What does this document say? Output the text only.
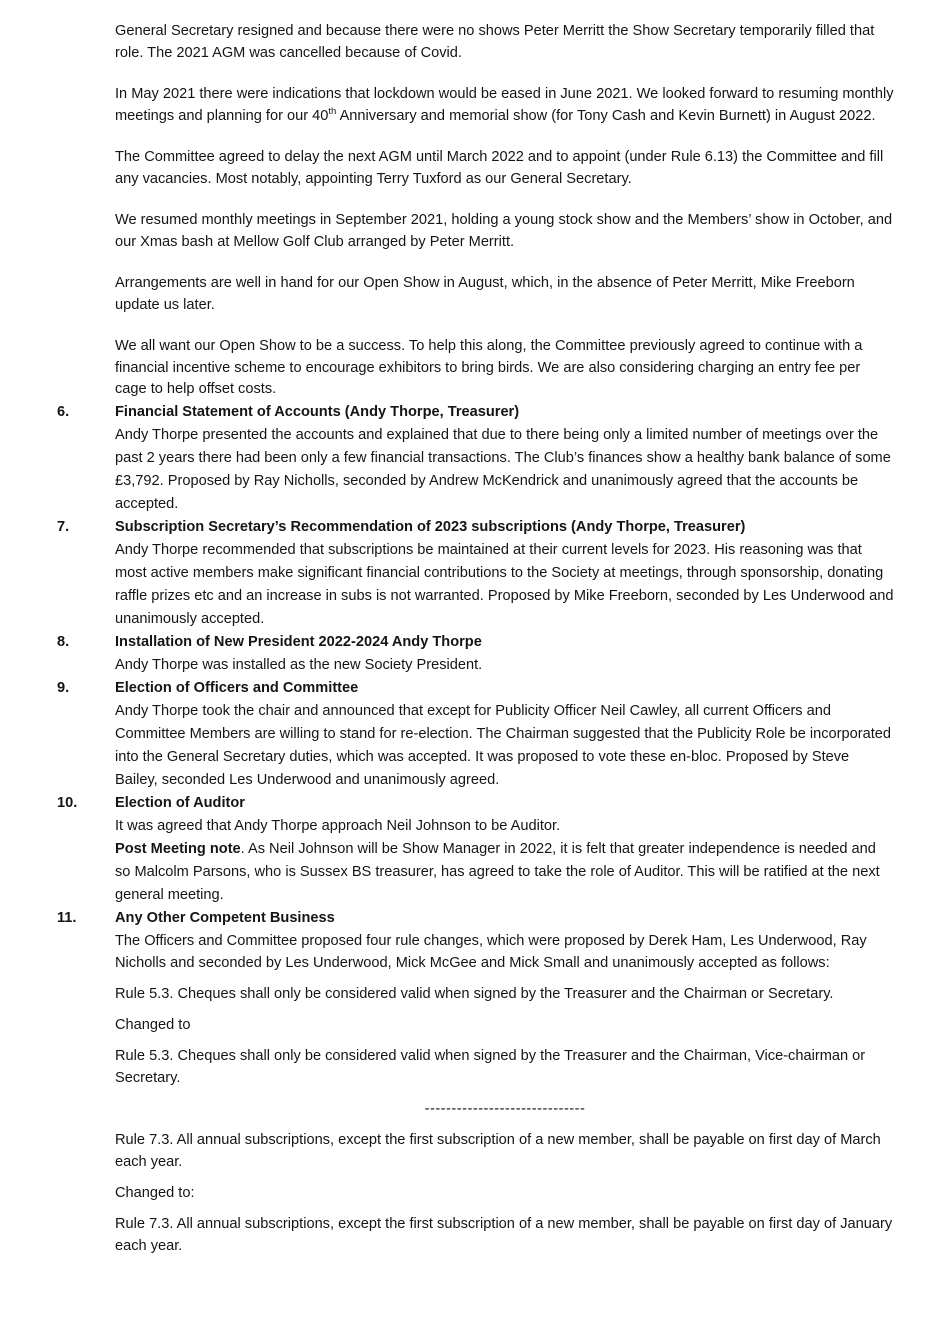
General Secretary resigned and because there were no shows Peter Merritt the Show Secretary temporarily filled that role. The 2021 AGM was cancelled because of Covid.

In May 2021 there were indications that lockdown would be eased in June 2021. We looked forward to resuming monthly meetings and planning for our 40th Anniversary and memorial show (for Tony Cash and Kevin Burnett) in August 2022.

The Committee agreed to delay the next AGM until March 2022 and to appoint (under Rule 6.13) the Committee and fill any vacancies. Most notably, appointing Terry Tuxford as our General Secretary.

We resumed monthly meetings in September 2021, holding a young stock show and the Members’ show in October, and our Xmas bash at Mellow Golf Club arranged by Peter Merritt.

Arrangements are well in hand for our Open Show in August, which, in the absence of Peter Merritt, Mike Freeborn update us later.

We all want our Open Show to be a success. To help this along, the Committee previously agreed to continue with a financial incentive scheme to encourage exhibitors to bring birds. We are also considering charging an entry fee per cage to help offset costs.

6.	Financial Statement of Accounts (Andy Thorpe, Treasurer)

Andy Thorpe presented the accounts and explained that due to there being only a limited number of meetings over the past 2 years there had been only a few financial transactions. The Club’s finances show a healthy bank balance of some £3,792. Proposed by Ray Nicholls, seconded by Andrew McKendrick and unanimously agreed that the accounts be accepted.

7.	Subscription Secretary’s Recommendation of 2023 subscriptions (Andy Thorpe, Treasurer)

Andy Thorpe recommended that subscriptions be maintained at their current levels for 2023. His reasoning was that most active members make significant financial contributions to the Society at meetings, through sponsorship, donating raffle prizes etc and an increase in subs is not warranted. Proposed by Mike Freeborn, seconded by Les Underwood and unanimously accepted.

8.	Installation of New President 2022-2024 Andy Thorpe

Andy Thorpe was installed as the new Society President.

9.	Election of Officers and Committee

Andy Thorpe took the chair and announced that except for Publicity Officer Neil Cawley, all current Officers and Committee Members are willing to stand for re-election. The Chairman suggested that the Publicity Role be incorporated into the General Secretary duties, which was accepted. It was proposed to vote these en-bloc. Proposed by Steve Bailey, seconded Les Underwood and unanimously agreed.

10.	Election of Auditor

It was agreed that Andy Thorpe approach Neil Johnson to be Auditor.

Post Meeting note. As Neil Johnson will be Show Manager in 2022, it is felt that greater independence is needed and so Malcolm Parsons, who is Sussex BS treasurer, has agreed to take the role of Auditor. This will be ratified at the next general meeting.

11.	Any Other Competent Business

The Officers and Committee proposed four rule changes, which were proposed by Derek Ham, Les Underwood, Ray Nicholls and seconded by Les Underwood, Mick McGee and Mick Small and unanimously accepted as follows:

Rule 5.3. Cheques shall only be considered valid when signed by the Treasurer and the Chairman or Secretary.

Changed to

Rule 5.3. Cheques shall only be considered valid when signed by the Treasurer and the Chairman, Vice-chairman or Secretary.

------------------------------

Rule 7.3. All annual subscriptions, except the first subscription of a new member, shall be payable on first day of March each year.

Changed to:

Rule 7.3. All annual subscriptions, except the first subscription of a new member, shall be payable on first day of January each year.
